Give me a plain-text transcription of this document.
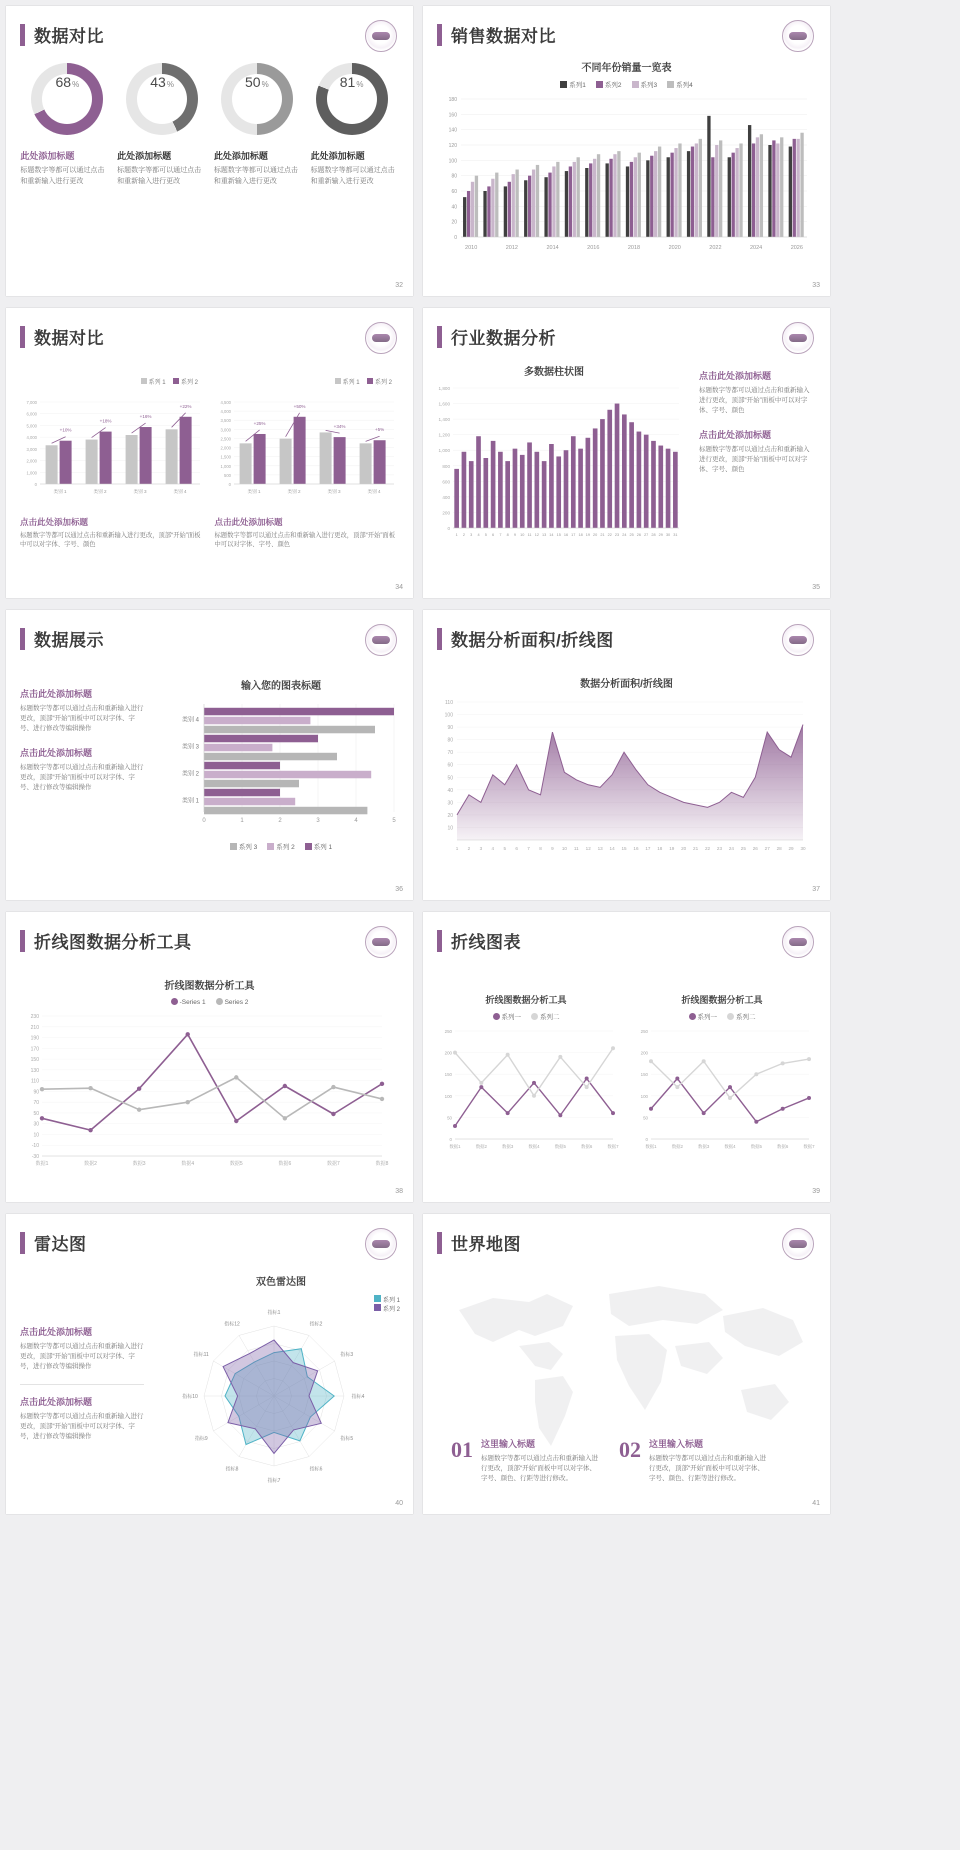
数据对比
68 %	43 %	50 %	81 %
此处添加标题

标题数字等都可以通过点击和重新输入进行更改

此处添加标题

标题数字等都可以通过点击和重新输入进行更改

此处添加标题

标题数字等都可以通过点击和重新输入进行更改

此处添加标题

标题数字等都可以通过点击和重新输入进行更改

32
销售数据对比
不同年份销量一览表
系列1	系列2	系列3	系列4
0
20
40
60
80
100
120
140
160
180
2010	2012	2014	2016	2018	2020	2022	2024	2026
33
数据对比
系列 1	系列 2
7,000
6,000
5,000
4,000
3,000
2,000
1,000
0
+10%
类别 1
+18%
类别 2
+16%
类别 3
+22%
类别 4
系列 1	系列 2
4,500
4,000
3,500
3,000
2,500
2,000
1,500
1,000
500
0
+25%
类别 1
+50%
类别 2
+34%
类别 3
+5%
类别 4
点击此处添加标题

标题数字等都可以通过点击和重新输入进行更改，顶部“开始”面板中可以对字体、字号、颜色

点击此处添加标题

标题数字等都可以通过点击和重新输入进行更改，顶部“开始”面板中可以对字体、字号、颜色

34
行业数据分析
多数据柱状图
0
200
400
600
800
1,000
1,200
1,400
1,600
1,800
1 2 3 4 5 6 7 8 9 10 11 12 13 14 15 16 17 18 19 20 21 22 23 24 25 26 27 28 29 30 31
点击此处添加标题

标题数字等都可以通过点击和重新输入进行更改，顶部“开始”面板中可以对字体、字号、颜色

点击此处添加标题

标题数字等都可以通过点击和重新输入进行更改，顶部“开始”面板中可以对字体、字号、颜色

35
数据展示
点击此处添加标题

标题数字等都可以通过点击和重新输入进行更改，顶部“开始”面板中可以对字体、字号、进行修改等编辑操作

点击此处添加标题

标题数字等都可以通过点击和重新输入进行更改，顶部“开始”面板中可以对字体、字号、进行修改等编辑操作

输入您的图表标题
0	1	2	3	4	5
类别 4
类别 3
类别 2
类别 1
系列 3	系列 2	系列 1
36
数据分析面积/折线图
数据分析面积/折线图
10
20
30
40
50
60
70
80
90
100
110
1 2 3 4 5 6 7 8 9 10 11 12 13 14 15 16 17 18 19 20 21 22 23 24 25 26 27 28 29 30
37
折线图数据分析工具
折线图数据分析工具
-Series 1	Series 2
-30
-10
10
30
50
70
90
110
130
150
170
190
210
230
数据1	数据2	数据3	数据4	数据5	数据6	数据7	数据8
38
折线图表
折线图数据分析工具
系列一	系列二
0
50
100
150
200
250
数据1	数据2	数据3	数据4	数据5	数据6	数据7
折线图数据分析工具
系列一	系列二
0
50
100
150
200
250
数据1	数据2	数据3	数据4	数据5	数据6	数据7
39
雷达图
点击此处添加标题

标题数字等都可以通过点击和重新输入进行更改，顶部“开始”面板中可以对字体、字号，进行修改等编辑操作

点击此处添加标题

标题数字等都可以通过点击和重新输入进行更改，顶部“开始”面板中可以对字体、字号，进行修改等编辑操作

双色雷达图
系列 1
系列 2
指标1
指标2
指标3
指标4
指标5
指标6
指标7
指标8
指标9
指标10
指标11
指标12
40
世界地图
01 这里输入标题

标题数字等都可以通过点击和重新输入进行更改，顶部“开始”面板中可以对字体、字号、颜色、行距等进行修改。

02 这里输入标题

标题数字等都可以通过点击和重新输入进行更改，顶部“开始”面板中可以对字体、字号、颜色、行距等进行修改。

41
